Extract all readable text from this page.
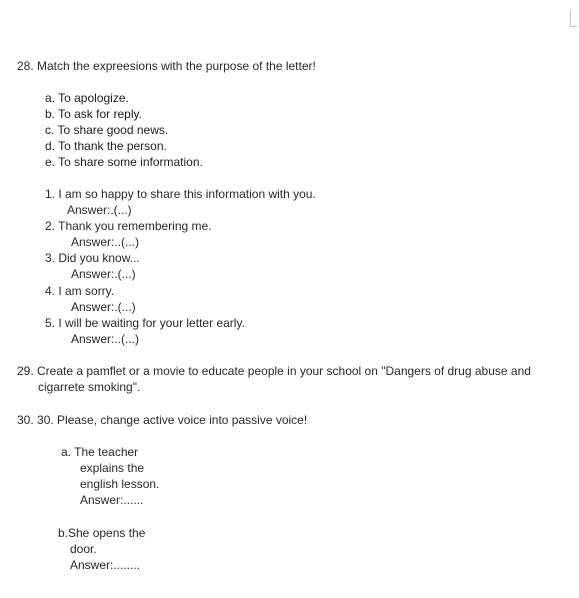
28. Match the expreesions with the purpose of the letter!
a. To apologize.
b. To ask for reply.
c. To share good news.
d. To thank the person.
e. To share some information.
1. I am so happy to share this information with you.
Answer:.(...)
2. Thank you remembering me.
Answer:..(...)
3. Did you know...
Answer:.(...)
4. I am sorry.
Answer:.(...)
5. I will be waiting for your letter early.
Answer:..(...)
29. Create a pamflet or a movie to educate people in your school on "Dangers of drug abuse and
cigarrete smoking".
30. 30. Please, change active voice into passive voice!
a. The teacher
explains the
english lesson.
Answer:......
b.She opens the
door.
Answer:........
